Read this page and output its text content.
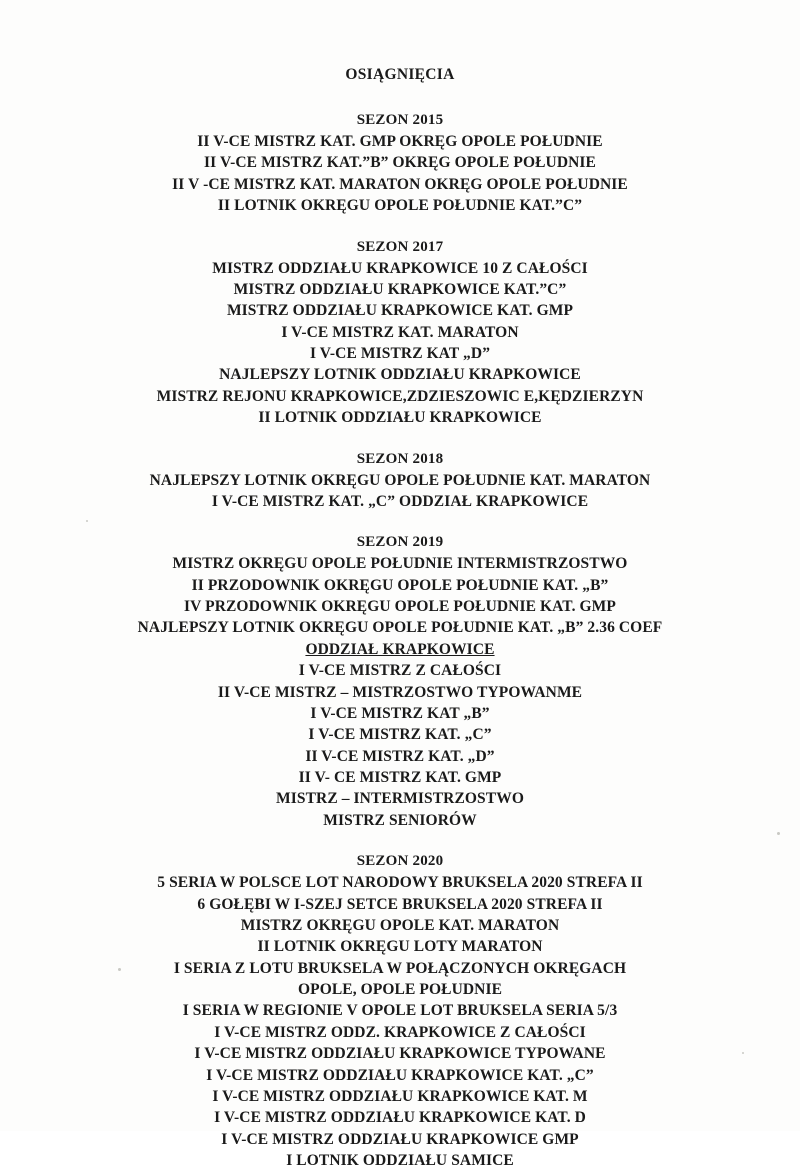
OSIĄGNIĘCIA
SEZON 2015
II V-CE MISTRZ KAT. GMP OKRĘG OPOLE POŁUDNIE
II V-CE MISTRZ KAT.”B” OKRĘG OPOLE POŁUDNIE
II V -CE MISTRZ KAT. MARATON OKRĘG OPOLE POŁUDNIE
II LOTNIK OKRĘGU OPOLE POŁUDNIE KAT.”C”
SEZON 2017
MISTRZ ODDZIAŁU KRAPKOWICE 10 Z CAŁOŚCI
MISTRZ ODDZIAŁU KRAPKOWICE KAT.”C”
MISTRZ ODDZIAŁU KRAPKOWICE KAT. GMP
I V-CE MISTRZ KAT. MARATON
I V-CE MISTRZ KAT „D”
NAJLEPSZY LOTNIK ODDZIAŁU KRAPKOWICE
MISTRZ REJONU KRAPKOWICE,ZDZIESZOWIC E,KĘDZIERZYN
II LOTNIK ODDZIAŁU KRAPKOWICE
SEZON 2018
NAJLEPSZY LOTNIK OKRĘGU OPOLE POŁUDNIE KAT. MARATON
I V-CE MISTRZ KAT. „C” ODDZIAŁ KRAPKOWICE
SEZON 2019
MISTRZ OKRĘGU OPOLE POŁUDNIE INTERMISTRZOSTWO
II PRZODOWNIK OKRĘGU OPOLE POŁUDNIE KAT. „B”
IV PRZODOWNIK OKRĘGU OPOLE POŁUDNIE KAT. GMP
NAJLEPSZY LOTNIK OKRĘGU OPOLE POŁUDNIE KAT. „B” 2.36 COEF
ODDZIAŁ KRAPKOWICE
I V-CE MISTRZ Z CAŁOŚCI
II V-CE MISTRZ – MISTRZOSTWO TYPOWANME
I V-CE MISTRZ KAT „B”
I V-CE MISTRZ KAT. „C”
II V-CE MISTRZ KAT. „D”
II V- CE MISTRZ KAT. GMP
MISTRZ – INTERMISTRZOSTWO
MISTRZ SENIORÓW
SEZON 2020
5 SERIA W POLSCE LOT NARODOWY BRUKSELA 2020 STREFA II
6 GOŁĘBI W I-SZEJ SETCE BRUKSELA 2020 STREFA II
MISTRZ OKRĘGU OPOLE KAT. MARATON
II LOTNIK OKRĘGU LOTY MARATON
I SERIA Z LOTU BRUKSELA W POŁĄCZONYCH OKRĘGACH
OPOLE, OPOLE POŁUDNIE
I SERIA W REGIONIE V OPOLE LOT BRUKSELA SERIA 5/3
I V-CE MISTRZ ODDZ. KRAPKOWICE Z CAŁOŚCI
I V-CE MISTRZ ODDZIAŁU KRAPKOWICE TYPOWANE
I V-CE MISTRZ ODDZIAŁU KRAPKOWICE KAT. „C”
I V-CE MISTRZ ODDZIAŁU KRAPKOWICE KAT. M
I V-CE MISTRZ ODDZIAŁU KRAPKOWICE KAT. D
I V-CE MISTRZ ODDZIAŁU KRAPKOWICE GMP
I LOTNIK ODDZIAŁU SAMICE
